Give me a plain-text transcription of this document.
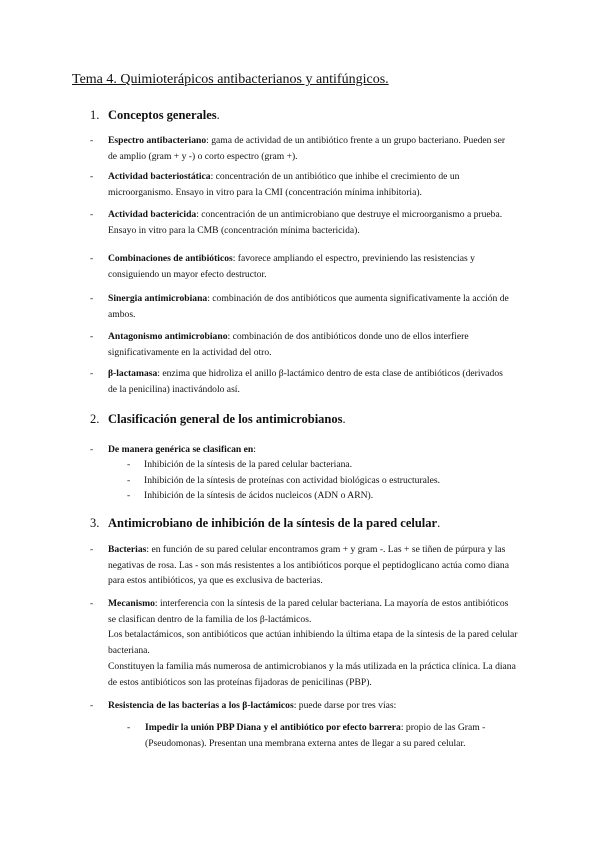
Tema 4. Quimioterápicos antibacterianos y antifúngicos.
1. Conceptos generales.
- Espectro antibacteriano: gama de actividad de un antibiótico frente a un grupo bacteriano. Pueden ser de amplio (gram + y -) o corto espectro (gram +).
- Actividad bacteriostática: concentración de un antibiótico que inhibe el crecimiento de un microorganismo. Ensayo in vitro para la CMI (concentración mínima inhibitoria).
- Actividad bactericida: concentración de un antimicrobiano que destruye el microorganismo a prueba. Ensayo in vitro para la CMB (concentración mínima bactericida).
- Combinaciones de antibióticos: favorece ampliando el espectro, previniendo las resistencias y consiguiendo un mayor efecto destructor.
- Sinergia antimicrobiana: combinación de dos antibióticos que aumenta significativamente la acción de ambos.
- Antagonismo antimicrobiano: combinación de dos antibióticos donde uno de ellos interfiere significativamente en la actividad del otro.
- β-lactamasa: enzima que hidroliza el anillo β-lactámico dentro de esta clase de antibióticos (derivados de la penicilina) inactivándolo así.
2. Clasificación general de los antimicrobianos.
- De manera genérica se clasifican en:
- Inhibición de la síntesis de la pared celular bacteriana.
- Inhibición de la síntesis de proteínas con actividad biológicas o estructurales.
- Inhibición de la síntesis de ácidos nucleicos (ADN o ARN).
3. Antimicrobiano de inhibición de la síntesis de la pared celular.
- Bacterias: en función de su pared celular encontramos gram + y gram -. Las + se tiñen de púrpura y las negativas de rosa. Las - son más resistentes a los antibióticos porque el peptidoglicano actúa como diana para estos antibióticos, ya que es exclusiva de bacterias.
- Mecanismo: interferencia con la síntesis de la pared celular bacteriana. La mayoría de estos antibióticos se clasifican dentro de la familia de los β-lactámicos.
Los betalactámicos, son antibióticos que actúan inhibiendo la última etapa de la síntesis de la pared celular bacteriana.
Constituyen la familia más numerosa de antimicrobianos y la más utilizada en la práctica clínica. La diana de estos antibióticos son las proteínas fijadoras de penicilinas (PBP).
- Resistencia de las bacterias a los β-lactámicos: puede darse por tres vías:
- Impedir la unión PBP Diana y el antibiótico por efecto barrera: propio de las Gram - (Pseudomonas). Presentan una membrana externa antes de llegar a su pared celular.
